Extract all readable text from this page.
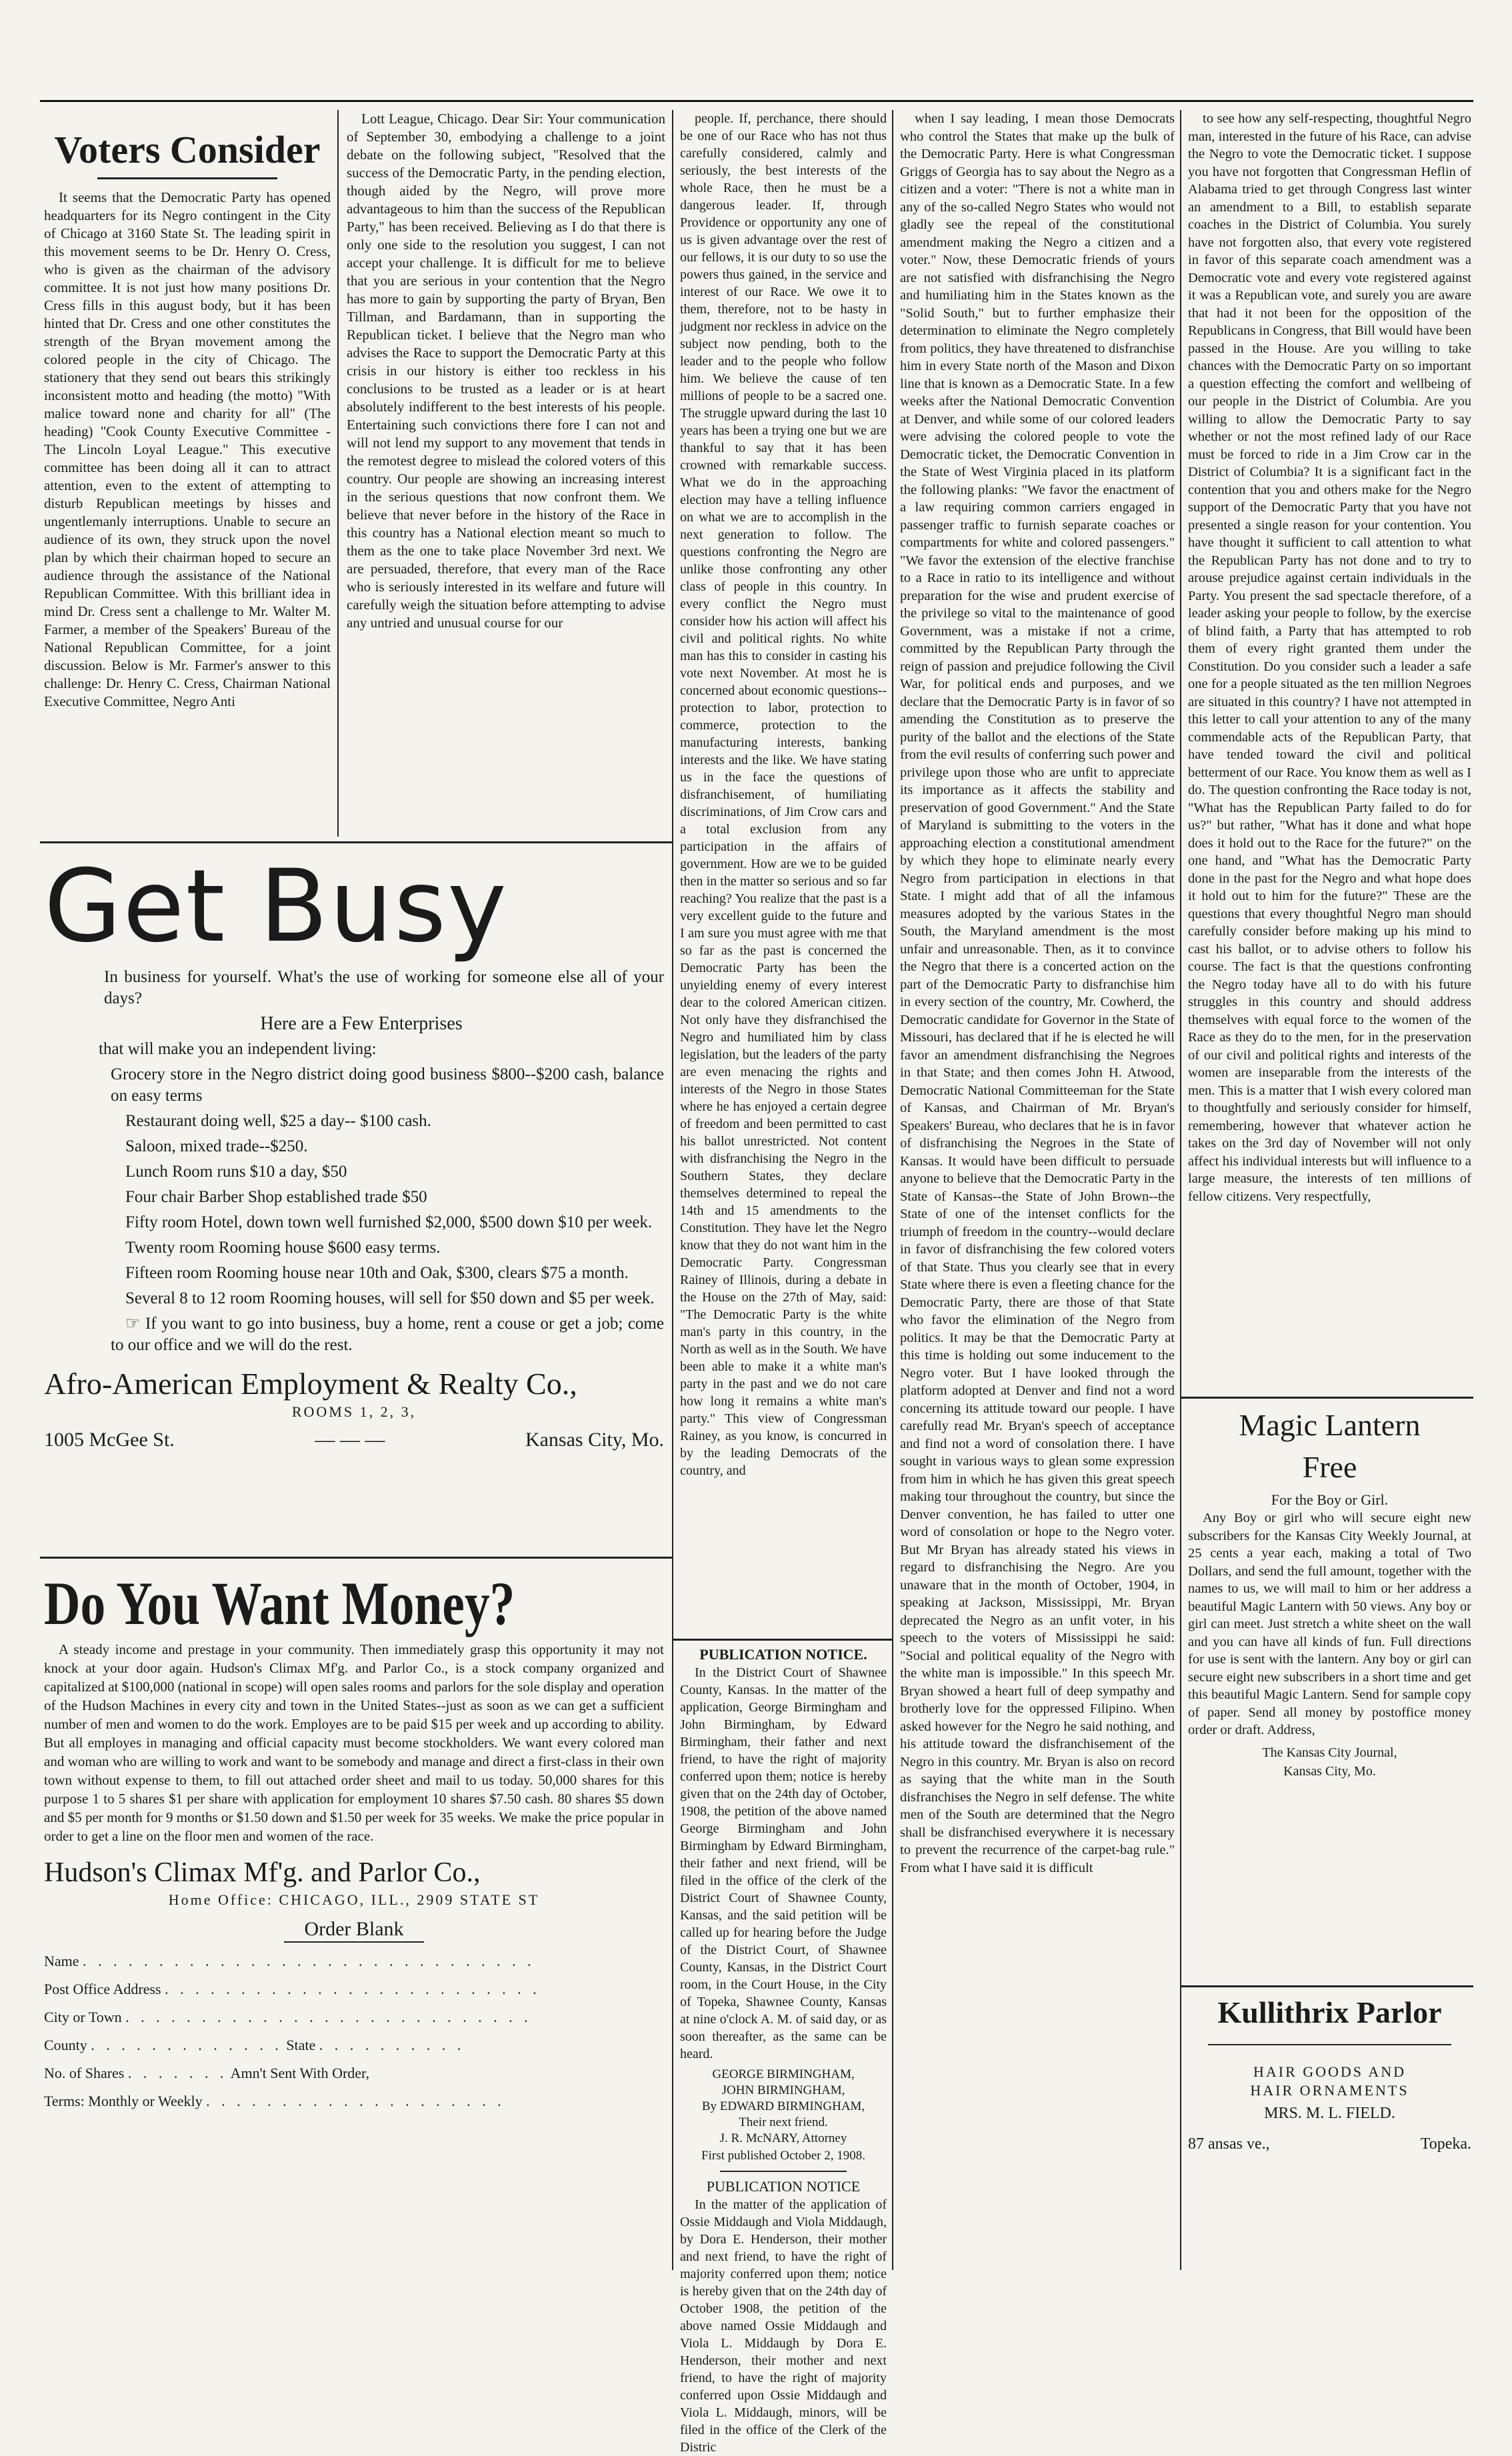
Voters Consider

It seems that the Democratic Party has opened headquarters for its Negro contingent in the City of Chicago at 3160 State St. The leading spirit in this movement seems to be Dr. Henry O. Cress, who is given as the chairman of the advisory committee. It is not just how many positions Dr. Cress fills in this august body, but it has been hinted that Dr. Cress and one other constitutes the strength of the Bryan movement among the colored people in the city of Chicago. The stationery that they send out bears this strikingly inconsistent motto and heading (the motto) "With malice toward none and charity for all" (The heading) "Cook County Executive Committee - The Lincoln Loyal League." This executive committee has been doing all it can to attract attention, even to the extent of attempting to disturb Republican meetings by hisses and ungentlemanly interruptions. Unable to secure an audience of its own, they struck upon the novel plan by which their chairman hoped to secure an audience through the assistance of the National Republican Committee. With this brilliant idea in mind Dr. Cress sent a challenge to Mr. Walter M. Farmer, a member of the Speakers' Bureau of the National Republican Committee, for a joint discussion. Below is Mr. Farmer's answer to this challenge: Dr. Henry C. Cress, Chairman National Executive Committee, Negro Anti

Lott League, Chicago. Dear Sir: Your communication of September 30, embodying a challenge to a joint debate on the following subject, "Resolved that the success of the Democratic Party, in the pending election, though aided by the Negro, will prove more advantageous to him than the success of the Republican Party," has been received. Believing as I do that there is only one side to the resolution you suggest, I can not accept your challenge. It is difficult for me to believe that you are serious in your contention that the Negro has more to gain by supporting the party of Bryan, Ben Tillman, and Bardamann, than in supporting the Republican ticket. I believe that the Negro man who advises the Race to support the Democratic Party at this crisis in our history is either too reckless in his conclusions to be trusted as a leader or is at heart absolutely indifferent to the best interests of his people. Entertaining such convictions there fore I can not and will not lend my support to any movement that tends in the remotest degree to mislead the colored voters of this country. Our people are showing an increasing interest in the serious questions that now confront them. We believe that never before in the history of the Race in this country has a National election meant so much to them as the one to take place November 3rd next. We are persuaded, therefore, that every man of the Race who is seriously interested in its welfare and future will carefully weigh the situation before attempting to advise any untried and unusual course for our

Get Busy

In business for yourself. What's the use of working for someone else all of your days?

Here are a Few Enterprises

that will make you an independent living:

Grocery store in the Negro district doing good business $800--$200 cash, balance on easy terms

Restaurant doing well, $25 a day-- $100 cash.

Saloon, mixed trade--$250.

Lunch Room runs $10 a day, $50

Four chair Barber Shop established trade $50

Fifty room Hotel, down town well furnished $2,000, $500 down $10 per week.

Twenty room Rooming house $600 easy terms.

Fifteen room Rooming house near 10th and Oak, $300, clears $75 a month.

Several 8 to 12 room Rooming houses, will sell for $50 down and $5 per week.

☞ If you want to go into business, buy a home, rent a couse or get a job; come to our office and we will do the rest.

Afro-American Employment & Realty Co.,
ROOMS 1, 2, 3,
1005 McGee St.	— — —	Kansas City, Mo.
Do You Want Money?

A steady income and prestage in your community. Then immediately grasp this opportunity it may not knock at your door again. Hudson's Climax Mf'g. and Parlor Co., is a stock company organized and capitalized at $100,000 (national in scope) will open sales rooms and parlors for the sole display and operation of the Hudson Machines in every city and town in the United States--just as soon as we can get a sufficient number of men and women to do the work. Employes are to be paid $15 per week and up according to ability. But all employes in managing and official capacity must become stockholders. We want every colored man and woman who are willing to work and want to be somebody and manage and direct a first-class in their own town without expense to them, to fill out attached order sheet and mail to us today. 50,000 shares for this purpose 1 to 5 shares $1 per share with application for employment 10 shares $7.50 cash. 80 shares $5 down and $5 per month for 9 months or $1.50 down and $1.50 per week for 35 weeks. We make the price popular in order to get a line on the floor men and women of the race.

Hudson's Climax Mf'g. and Parlor Co.,
Home Office: CHICAGO, ILL., 2909 STATE ST
Order Blank
Name . . . . . . . . . . . . . . . . . . . . . . . . . . . . . .
Post Office Address . . . . . . . . . . . . . . . . . . . . . . . . .
City or Town . . . . . . . . . . . . . . . . . . . . . . . . . . .
County . . . . . . . . . . . . . State . . . . . . . . . .
No. of Shares . . . . . . . Amn't Sent With Order,
Terms: Monthly or Weekly . . . . . . . . . . . . . . . . . . . .

people. If, perchance, there should be one of our Race who has not thus carefully considered, calmly and seriously, the best interests of the whole Race, then he must be a dangerous leader. If, through Providence or opportunity any one of us is given advantage over the rest of our fellows, it is our duty to so use the powers thus gained, in the service and interest of our Race. We owe it to them, therefore, not to be hasty in judgment nor reckless in advice on the subject now pending, both to the leader and to the people who follow him. We believe the cause of ten millions of people to be a sacred one. The struggle upward during the last 10 years has been a trying one but we are thankful to say that it has been crowned with remarkable success. What we do in the approaching election may have a telling influence on what we are to accomplish in the next generation to follow. The questions confronting the Negro are unlike those confronting any other class of people in this country. In every conflict the Negro must consider how his action will affect his civil and political rights. No white man has this to consider in casting his vote next November. At most he is concerned about economic questions--protection to labor, protection to commerce, protection to the manufacturing interests, banking interests and the like. We have stating us in the face the questions of disfranchisement, of humiliating discriminations, of Jim Crow cars and a total exclusion from any participation in the affairs of government. How are we to be guided then in the matter so serious and so far reaching? You realize that the past is a very excellent guide to the future and I am sure you must agree with me that so far as the past is concerned the Democratic Party has been the unyielding enemy of every interest dear to the colored American citizen. Not only have they disfranchised the Negro and humiliated him by class legislation, but the leaders of the party are even menacing the rights and interests of the Negro in those States where he has enjoyed a certain degree of freedom and been permitted to cast his ballot unrestricted. Not content with disfranchising the Negro in the Southern States, they declare themselves determined to repeal the 14th and 15 amendments to the Constitution. They have let the Negro know that they do not want him in the Democratic Party. Congressman Rainey of Illinois, during a debate in the House on the 27th of May, said: "The Democratic Party is the white man's party in this country, in the North as well as in the South. We have been able to make it a white man's party in the past and we do not care how long it remains a white man's party." This view of Congressman Rainey, as you know, is concurred in by the leading Democrats of the country, and

PUBLICATION NOTICE.

In the District Court of Shawnee County, Kansas. In the matter of the application, George Birmingham and John Birmingham, by Edward Birmingham, their father and next friend, to have the right of majority conferred upon them; notice is hereby given that on the 24th day of October, 1908, the petition of the above named George Birmingham and John Birmingham by Edward Birmingham, their father and next friend, will be filed in the office of the clerk of the District Court of Shawnee County, Kansas, and the said petition will be called up for hearing before the Judge of the District Court, of Shawnee County, Kansas, in the District Court room, in the Court House, in the City of Topeka, Shawnee County, Kansas at nine o'clock A. M. of said day, or as soon thereafter, as the same can be heard.

GEORGE BIRMINGHAM,
JOHN BIRMINGHAM,
By EDWARD BIRMINGHAM,
Their next friend.
J. R. McNARY, Attorney
First published October 2, 1908.
PUBLICATION NOTICE

In the matter of the application of Ossie Middaugh and Viola Middaugh, by Dora E. Henderson, their mother and next friend, to have the right of majority conferred upon them; notice is hereby given that on the 24th day of October 1908, the petition of the above named Ossie Middaugh and Viola L. Middaugh by Dora E. Henderson, their mother and next friend, to have the right of majority conferred upon Ossie Middaugh and Viola L. Middaugh, minors, will be filed in the office of the Clerk of the Distric

when I say leading, I mean those Democrats who control the States that make up the bulk of the Democratic Party. Here is what Congressman Griggs of Georgia has to say about the Negro as a citizen and a voter: "There is not a white man in any of the so-called Negro States who would not gladly see the repeal of the constitutional amendment making the Negro a citizen and a voter." Now, these Democratic friends of yours are not satisfied with disfranchising the Negro and humiliating him in the States known as the "Solid South," but to further emphasize their determination to eliminate the Negro completely from politics, they have threatened to disfranchise him in every State north of the Mason and Dixon line that is known as a Democratic State. In a few weeks after the National Democratic Convention at Denver, and while some of our colored leaders were advising the colored people to vote the Democratic ticket, the Democratic Convention in the State of West Virginia placed in its platform the following planks: "We favor the enactment of a law requiring common carriers engaged in passenger traffic to furnish separate coaches or compartments for white and colored passengers." "We favor the extension of the elective franchise to a Race in ratio to its intelligence and without preparation for the wise and prudent exercise of the privilege so vital to the maintenance of good Government, was a mistake if not a crime, committed by the Republican Party through the reign of passion and prejudice following the Civil War, for political ends and purposes, and we declare that the Democratic Party is in favor of so amending the Constitution as to preserve the purity of the ballot and the elections of the State from the evil results of conferring such power and privilege upon those who are unfit to appreciate its importance as it affects the stability and preservation of good Government." And the State of Maryland is submitting to the voters in the approaching election a constitutional amendment by which they hope to eliminate nearly every Negro from participation in elections in that State. I might add that of all the infamous measures adopted by the various States in the South, the Maryland amendment is the most unfair and unreasonable. Then, as it to convince the Negro that there is a concerted action on the part of the Democratic Party to disfranchise him in every section of the country, Mr. Cowherd, the Democratic candidate for Governor in the State of Missouri, has declared that if he is elected he will favor an amendment disfranchising the Negroes in that State; and then comes John H. Atwood, Democratic National Committeeman for the State of Kansas, and Chairman of Mr. Bryan's Speakers' Bureau, who declares that he is in favor of disfranchising the Negroes in the State of Kansas. It would have been difficult to persuade anyone to believe that the Democratic Party in the State of Kansas--the State of John Brown--the State of one of the intenset conflicts for the triumph of freedom in the country--would declare in favor of disfranchising the few colored voters of that State. Thus you clearly see that in every State where there is even a fleeting chance for the Democratic Party, there are those of that State who favor the elimination of the Negro from politics. It may be that the Democratic Party at this time is holding out some inducement to the Negro voter. But I have looked through the platform adopted at Denver and find not a word concerning its attitude toward our people. I have carefully read Mr. Bryan's speech of acceptance and find not a word of consolation there. I have sought in various ways to glean some expression from him in which he has given this great speech making tour throughout the country, but since the Denver convention, he has failed to utter one word of consolation or hope to the Negro voter. But Mr Bryan has already stated his views in regard to disfranchising the Negro. Are you unaware that in the month of October, 1904, in speaking at Jackson, Mississippi, Mr. Bryan deprecated the Negro as an unfit voter, in his speech to the voters of Mississippi he said: "Social and political equality of the Negro with the white man is impossible." In this speech Mr. Bryan showed a heart full of deep sympathy and brotherly love for the oppressed Filipino. When asked however for the Negro he said nothing, and his attitude toward the disfranchisement of the Negro in this country. Mr. Bryan is also on record as saying that the white man in the South disfranchises the Negro in self defense. The white men of the South are determined that the Negro shall be disfranchised everywhere it is necessary to prevent the recurrence of the carpet-bag rule." From what I have said it is difficult

to see how any self-respecting, thoughtful Negro man, interested in the future of his Race, can advise the Negro to vote the Democratic ticket. I suppose you have not forgotten that Congressman Heflin of Alabama tried to get through Congress last winter an amendment to a Bill, to establish separate coaches in the District of Columbia. You surely have not forgotten also, that every vote registered in favor of this separate coach amendment was a Democratic vote and every vote registered against it was a Republican vote, and surely you are aware that had it not been for the opposition of the Republicans in Congress, that Bill would have been passed in the House. Are you willing to take chances with the Democratic Party on so important a question effecting the comfort and wellbeing of our people in the District of Columbia. Are you willing to allow the Democratic Party to say whether or not the most refined lady of our Race must be forced to ride in a Jim Crow car in the District of Columbia? It is a significant fact in the contention that you and others make for the Negro support of the Democratic Party that you have not presented a single reason for your contention. You have thought it sufficient to call attention to what the Republican Party has not done and to try to arouse prejudice against certain individuals in the Party. You present the sad spectacle therefore, of a leader asking your people to follow, by the exercise of blind faith, a Party that has attempted to rob them of every right granted them under the Constitution. Do you consider such a leader a safe one for a people situated as the ten million Negroes are situated in this country? I have not attempted in this letter to call your attention to any of the many commendable acts of the Republican Party, that have tended toward the civil and political betterment of our Race. You know them as well as I do. The question confronting the Race today is not, "What has the Republican Party failed to do for us?" but rather, "What has it done and what hope does it hold out to the Race for the future?" on the one hand, and "What has the Democratic Party done in the past for the Negro and what hope does it hold out to him for the future?" These are the questions that every thoughtful Negro man should carefully consider before making up his mind to cast his ballot, or to advise others to follow his course. The fact is that the questions confronting the Negro today have all to do with his future struggles in this country and should address themselves with equal force to the women of the Race as they do to the men, for in the preservation of our civil and political rights and interests of the women are inseparable from the interests of the men. This is a matter that I wish every colored man to thoughtfully and seriously consider for himself, remembering, however that whatever action he takes on the 3rd day of November will not only affect his individual interests but will influence to a large measure, the interests of ten millions of fellow citizens. Very respectfully,

Magic Lantern
Free
For the Boy or Girl.

Any Boy or girl who will secure eight new subscribers for the Kansas City Weekly Journal, at 25 cents a year each, making a total of Two Dollars, and send the full amount, together with the names to us, we will mail to him or her address a beautiful Magic Lantern with 50 views. Any boy or girl can meet. Just stretch a white sheet on the wall and you can have all kinds of fun. Full directions for use is sent with the lantern. Any boy or girl can secure eight new subscribers in a short time and get this beautiful Magic Lantern. Send for sample copy of paper. Send all money by postoffice money order or draft. Address,

The Kansas City Journal,
Kansas City, Mo.
Kullithrix Parlor
HAIR GOODS AND
HAIR ORNAMENTS
MRS. M. L. FIELD.
87 ansas ve.,	Topeka.
